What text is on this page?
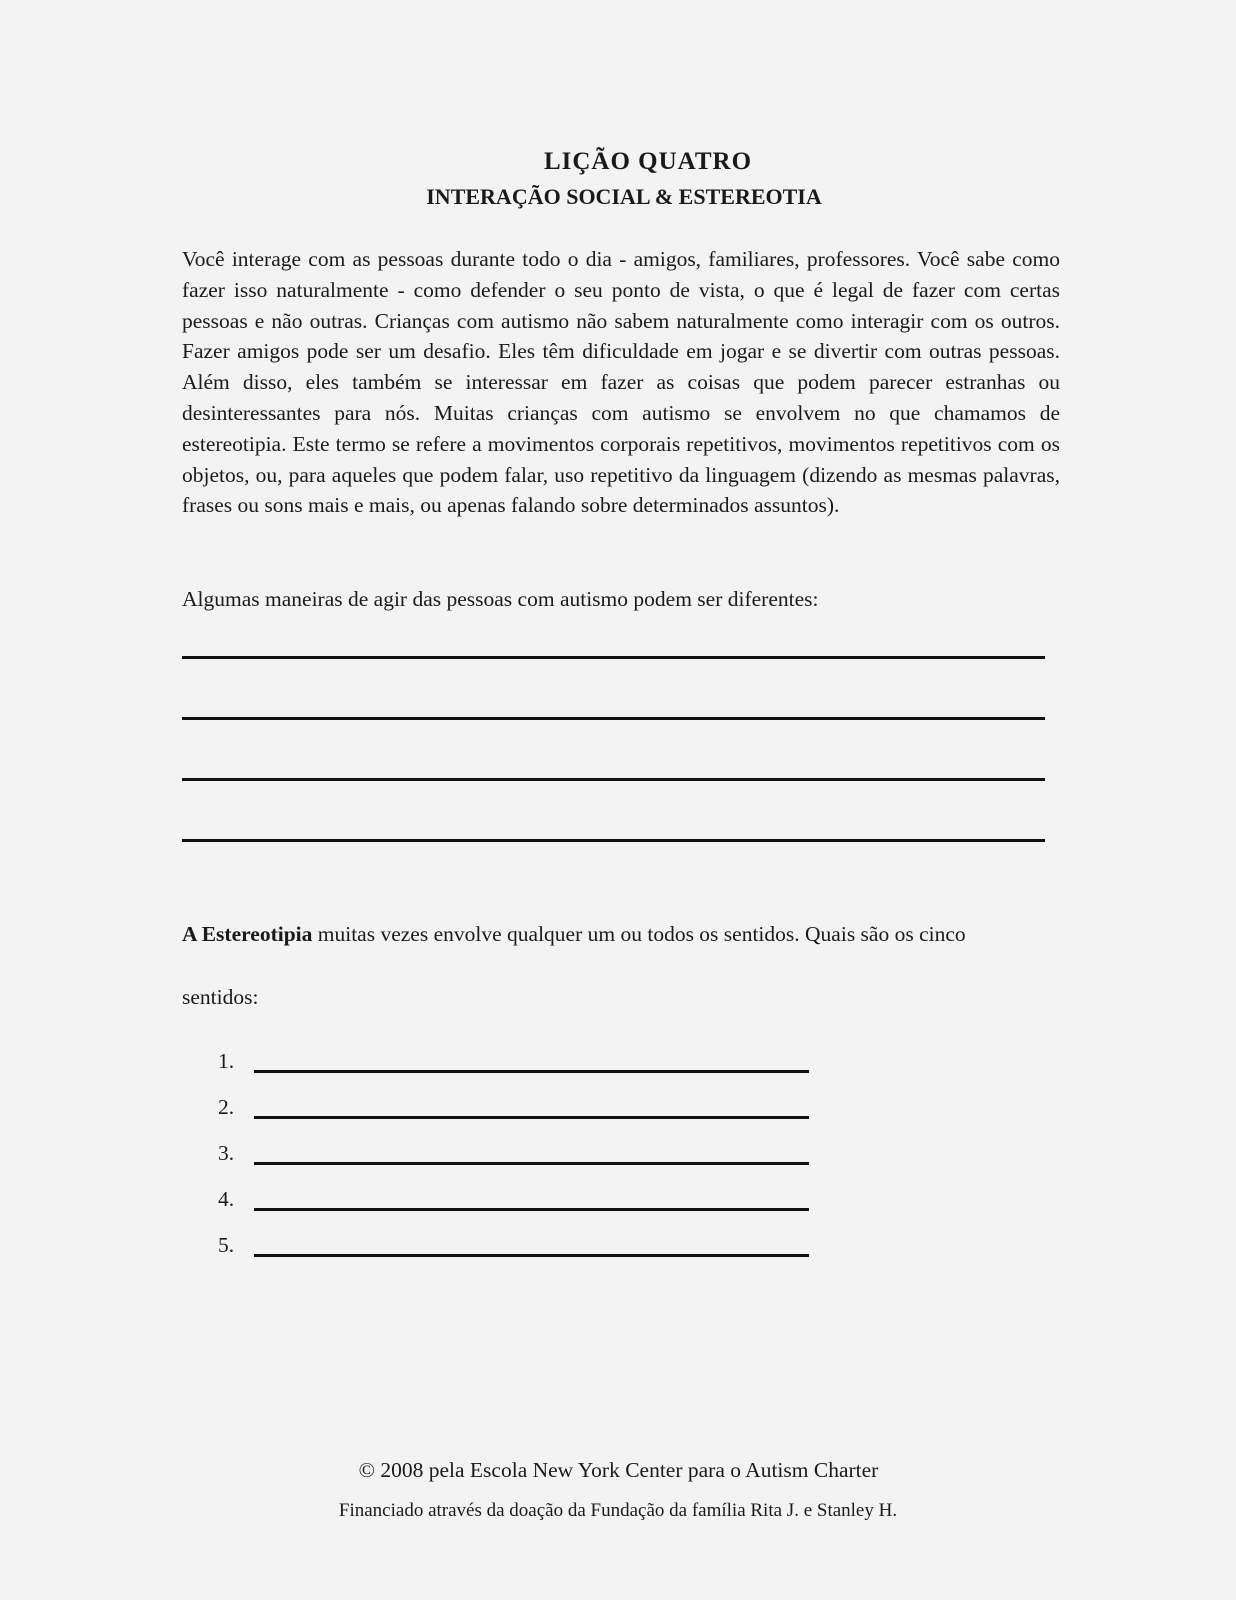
LIÇÃO QUATRO
INTERAÇÃO SOCIAL & ESTEREOTIA

Você interage com as pessoas durante todo o dia - amigos, familiares, professores. Você sabe como fazer isso naturalmente - como defender o seu ponto de vista, o que é legal de fazer com certas pessoas e não outras. Crianças com autismo não sabem naturalmente como interagir com os outros. Fazer amigos pode ser um desafio. Eles têm dificuldade em jogar e se divertir com outras pessoas. Além disso, eles também se interessar em fazer as coisas que podem parecer estranhas ou desinteressantes para nós. Muitas crianças com autismo se envolvem no que chamamos de estereotipia. Este termo se refere a movimentos corporais repetitivos, movimentos repetitivos com os objetos, ou, para aqueles que podem falar, uso repetitivo da linguagem (dizendo as mesmas palavras, frases ou sons mais e mais, ou apenas falando sobre determinados assuntos).

Algumas maneiras de agir das pessoas com autismo podem ser diferentes:

A Estereotipia muitas vezes envolve qualquer um ou todos os sentidos. Quais são os cinco

sentidos:

1.
2.
3.
4.
5.
© 2008 pela Escola New York Center para o Autism Charter
Financiado através da doação da Fundação da família Rita J. e Stanley H.
